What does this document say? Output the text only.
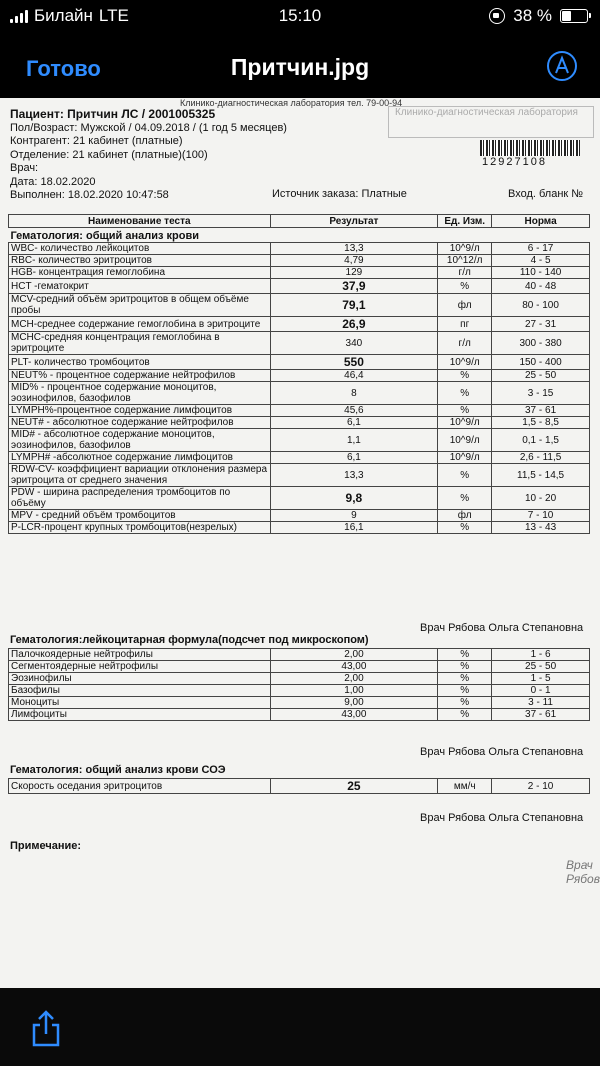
Билайн LTE	15:10	38 %
Готово	Притчин.jpg
Клинико-диагностическая лаборатория тел. 79-00-94
Клинико-диагностическая лаборатория
Пациент: Притчин ЛС / 2001005325
Пол/Возраст: Мужской / 04.09.2018 / (1 год 5 месяцев)
Контрагент: 21 кабинет (платные)
Отделение: 21 кабинет (платные)(100)
Врач:
Дата: 18.02.2020
Выполнен: 18.02.2020 10:47:58
12927108
Источник заказа: Платные	Вход. бланк №
Наименование теста	Результат	Ед. Изм.	Норма
Гематология: общий анализ крови			
WBC- количество лейкоцитов	13,3	10^9/л	6 - 17
RBC- количество эритроцитов	4,79	10^12/л	4 - 5
HGB- концентрация гемоглобина	129	г/л	110 - 140
HCT -гематокрит	37,9	%	40 - 48
MCV-средний объём эритроцитов в общем объёме пробы	79,1	фл	80 - 100
MCH-среднее содержание гемоглобина в эритроците	26,9	пг	27 - 31
MCHC-средняя концентрация гемоглобина в эритроците	340	г/л	300 - 380
PLT- количество тромбоцитов	550	10^9/л	150 - 400
NEUT% - процентное содержание нейтрофилов	46,4	%	25 - 50
MID% - процентное содержание моноцитов, эозинофилов, базофилов	8	%	3 - 15
LYMPH%-процентное содержание лимфоцитов	45,6	%	37 - 61
NEUT# - абсолютное содержание нейтрофилов	6,1	10^9/л	1,5 - 8,5
MID# - абсолютное содержание моноцитов, эозинофилов, базофилов	1,1	10^9/л	0,1 - 1,5
LYMPH# -абсолютное содержание лимфоцитов	6,1	10^9/л	2,6 - 11,5
RDW-CV- коэффициент вариации отклонения размера эритроцита от среднего значения	13,3	%	11,5 - 14,5
PDW - ширина распределения тромбоцитов по объёму	9,8	%	10 - 20
MPV - средний объём тромбоцитов	9	фл	7 - 10
P-LCR-процент крупных тромбоцитов(незрелых)	16,1	%	13 - 43
Врач Рябова Ольга Степановна
Гематология:лейкоцитарная формула(подсчет под микроскопом)
Палочкоядерные нейтрофилы	2,00	%	1 - 6
Сегментоядерные нейтрофилы	43,00	%	25 - 50
Эозинофилы	2,00	%	1 - 5
Базофилы	1,00	%	0 - 1
Моноциты	9,00	%	3 - 11
Лимфоциты	43,00	%	37 - 61
Врач Рябова Ольга Степановна
Гематология: общий анализ крови СОЭ
Скорость оседания эритроцитов	25	мм/ч	2 - 10
Врач Рябова Ольга Степановна
Примечание:
Врач
Рябов
